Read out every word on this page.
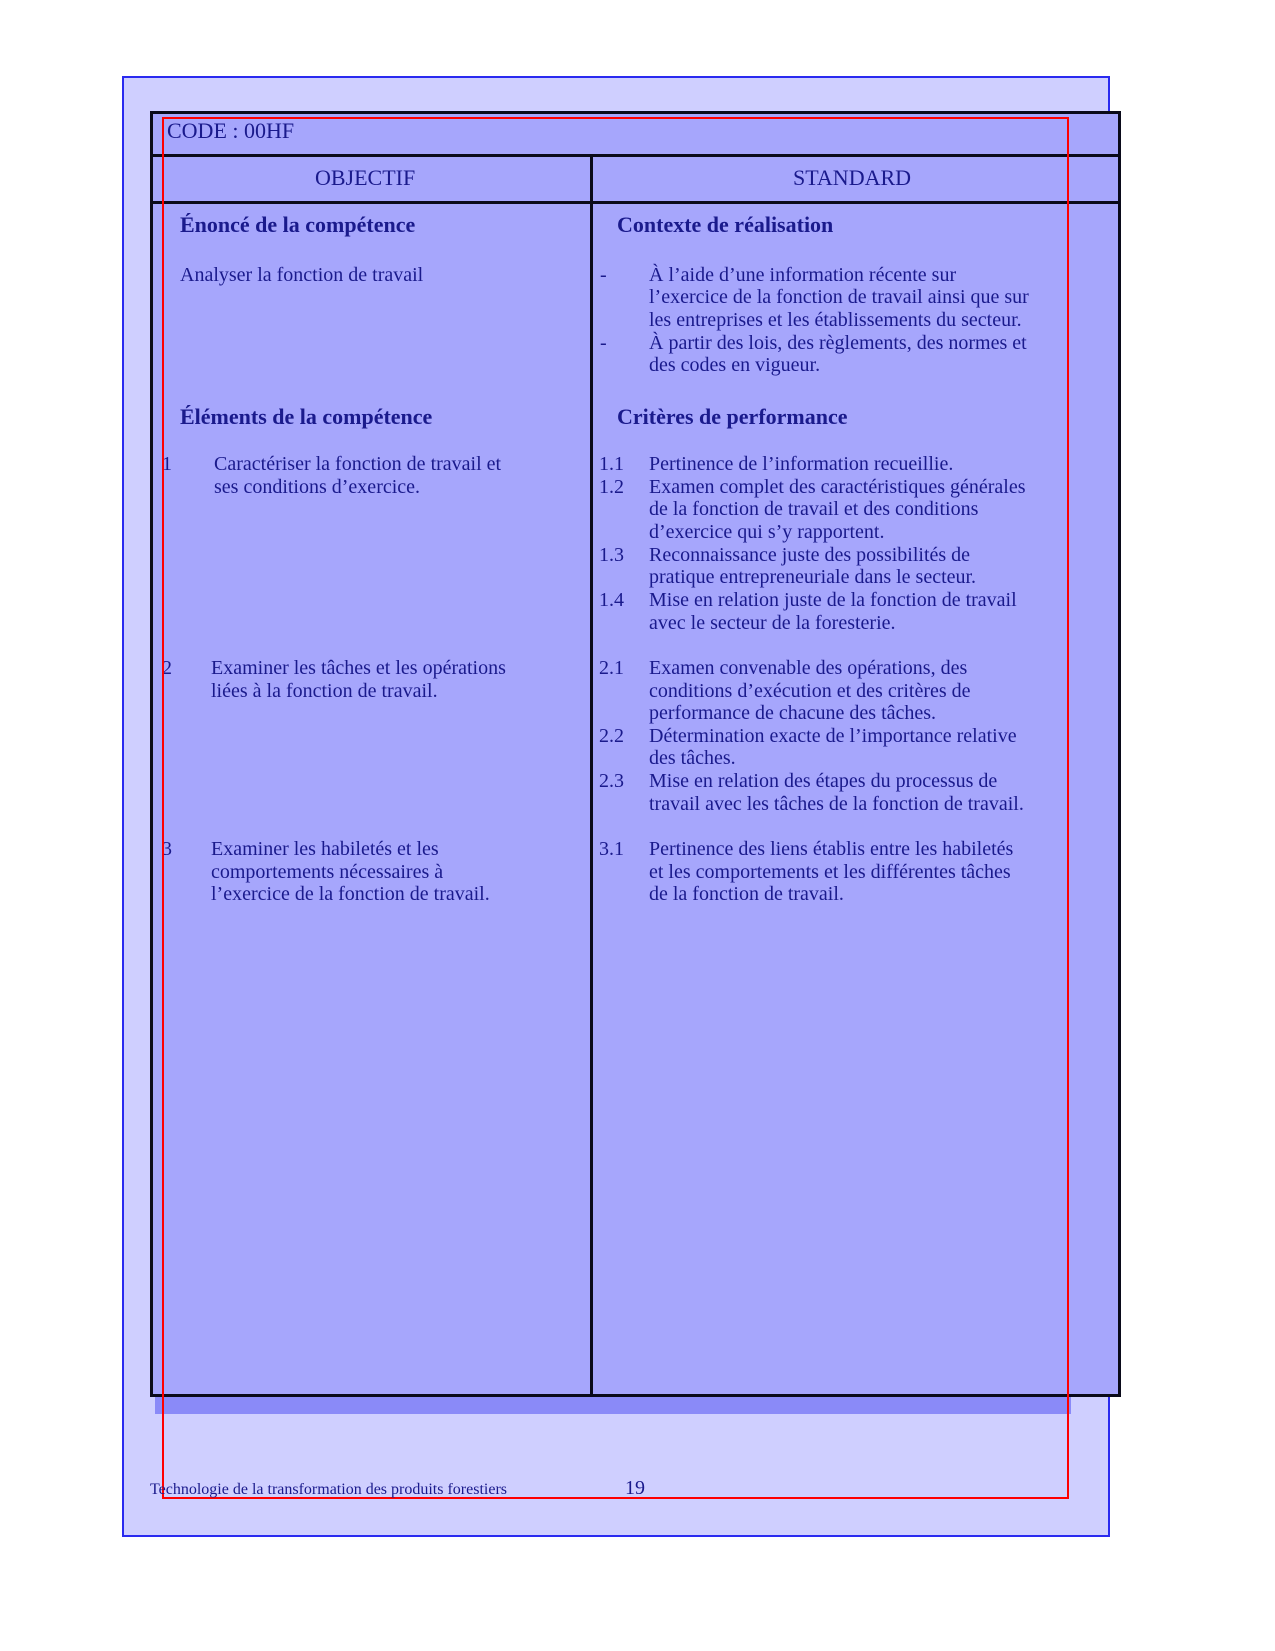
CODE : 00HF
OBJECTIF	STANDARD
Énoncé de la compétence
Analyser la fonction de travail
Éléments de la compétence
1 Caractériser la fonction de travail et
ses conditions d’exercice.
2 Examiner les tâches et les opérations
liées à la fonction de travail.
3 Examiner les habiletés et les
comportements nécessaires à
l’exercice de la fonction de travail.
Contexte de réalisation
- À l’aide d’une information récente sur
l’exercice de la fonction de travail ainsi que sur
les entreprises et les établissements du secteur.
- À partir des lois, des règlements, des normes et
des codes en vigueur.
Critères de performance
1.1 Pertinence de l’information recueillie.
1.2 Examen complet des caractéristiques générales
de la fonction de travail et des conditions
d’exercice qui s’y rapportent.
1.3 Reconnaissance juste des possibilités de
pratique entrepreneuriale dans le secteur.
1.4 Mise en relation juste de la fonction de travail
avec le secteur de la foresterie.
2.1 Examen convenable des opérations, des
conditions d’exécution et des critères de
performance de chacune des tâches.
2.2 Détermination exacte de l’importance relative
des tâches.
2.3 Mise en relation des étapes du processus de
travail avec les tâches de la fonction de travail.
3.1 Pertinence des liens établis entre les habiletés
et les comportements et les différentes tâches
de la fonction de travail.
Technologie de la transformation des produits forestiers	19
